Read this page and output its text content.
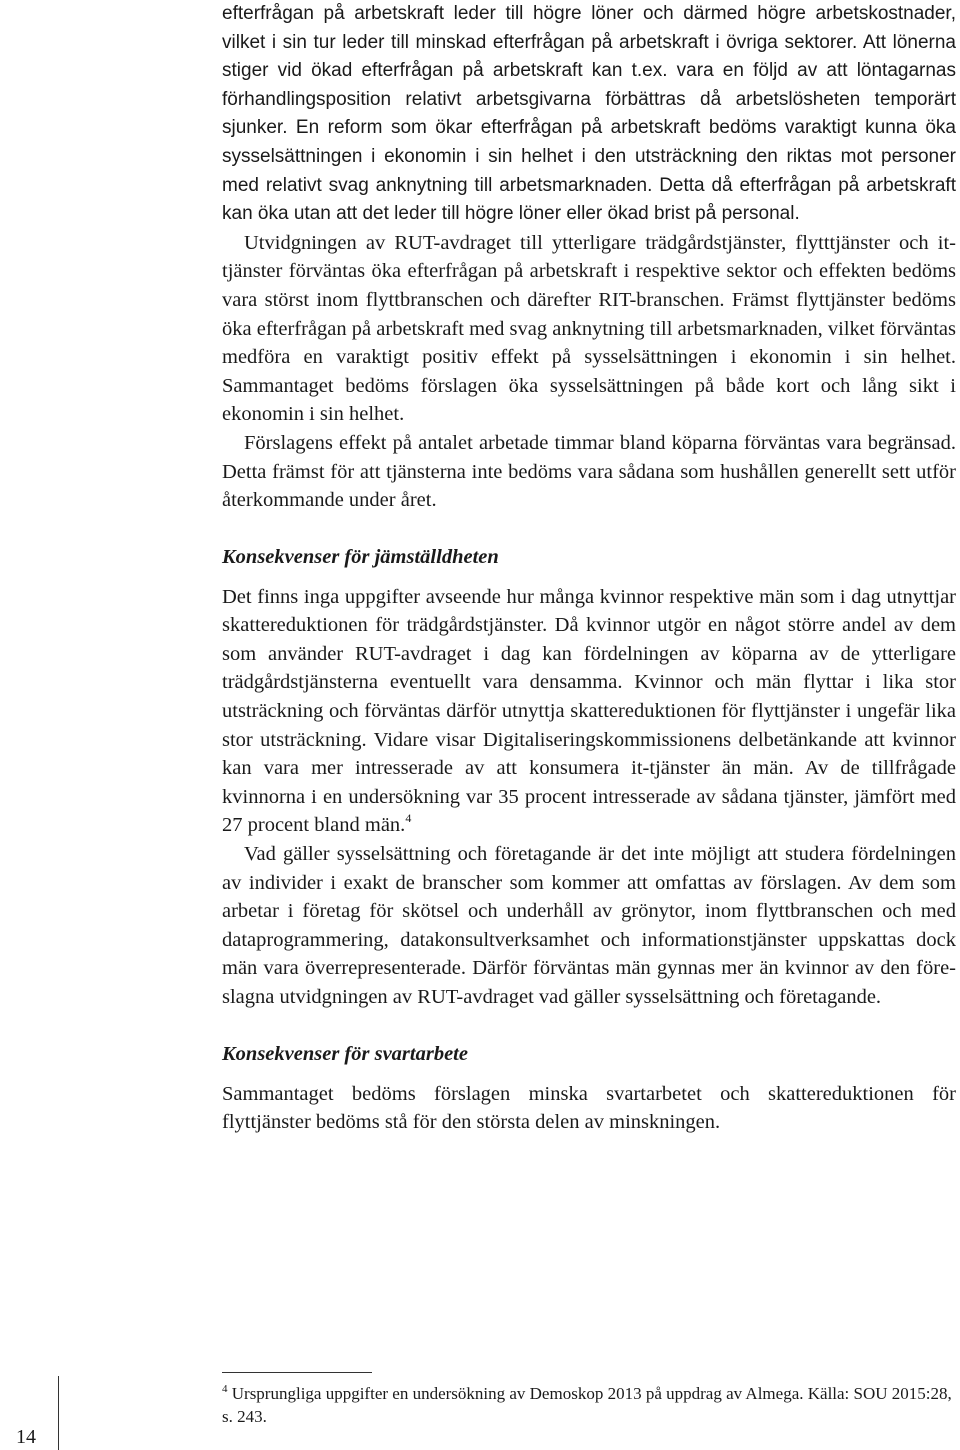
efterfrågan på arbetskraft leder till högre löner och därmed högre arbetskostnader, vilket i sin tur leder till minskad efterfrågan på arbetskraft i övriga sektorer. Att lönerna stiger vid ökad efterfrågan på arbetskraft kan t.ex. vara en följd av att löntagarnas förhandlingsposition relativt arbetsgivarna förbättras då arbetslösheten temporärt sjunker. En reform som ökar efterfrågan på arbetskraft bedöms varaktigt kunna öka sysselsättningen i ekonomin i sin helhet i den utsträckning den riktas mot personer med relativt svag anknytning till arbetsmarknaden. Detta då efterfrågan på arbetskraft kan öka utan att det leder till högre löner eller ökad brist på personal.

Utvidgningen av RUT-avdraget till ytterligare trädgårdstjänster, flytttjänster och it-tjänster förväntas öka efterfrågan på arbetskraft i respektive sektor och effekten bedöms vara störst inom flyttbranschen och därefter RIT-branschen. Främst flyttjänster bedöms öka efterfrågan på arbetskraft med svag anknytning till arbetsmarknaden, vilket förväntas medföra en varaktigt positiv effekt på sysselsättningen i ekonomin i sin helhet. Sammantaget bedöms förslagen öka sysselsättningen på både kort och lång sikt i ekonomin i sin helhet.

Förslagens effekt på antalet arbetade timmar bland köparna förväntas vara begränsad. Detta främst för att tjänsterna inte bedöms vara sådana som hushållen generellt sett utför återkommande under året.

Konsekvenser för jämställdheten

Det finns inga uppgifter avseende hur många kvinnor respektive män som i dag utnyttjar skattereduktionen för trädgårdstjänster. Då kvinnor utgör en något större andel av dem som använder RUT-avdraget i dag kan fördelningen av köparna av de ytterligare trädgårdstjänsterna eventuellt vara densamma. Kvinnor och män flyttar i lika stor utsträckning och förväntas därför utnyttja skattereduktionen för flyttjänster i ungefär lika stor utsträckning. Vidare visar Digitaliseringskommissionens delbetänkande att kvinnor kan vara mer intresserade av att konsumera it-tjänster än män. Av de tillfrågade kvinnorna i en undersökning var 35 procent intresserade av sådana tjänster, jämfört med 27 procent bland män.$^4$

Vad gäller sysselsättning och företagande är det inte möjligt att studera fördelningen av individer i exakt de branscher som kommer att omfattas av förslagen. Av dem som arbetar i företag för skötsel och underhåll av grönytor, inom flyttbranschen och med dataprogrammering, datakonsultverksamhet och informationstjänster uppskattas dock män vara överrepresenterade. Därför förväntas män gynnas mer än kvinnor av den föreslagna utvidgningen av RUT-avdraget vad gäller sysselsättning och företagande.

Konsekvenser för svartarbete

Sammantaget bedöms förslagen minska svartarbetet och skattereduktionen för flyttjänster bedöms stå för den största delen av minskningen.

$^4$ Ursprungliga uppgifter en undersökning av Demoskop 2013 på uppdrag av Almega. Källa: SOU 2015:28, s. 243.
14
